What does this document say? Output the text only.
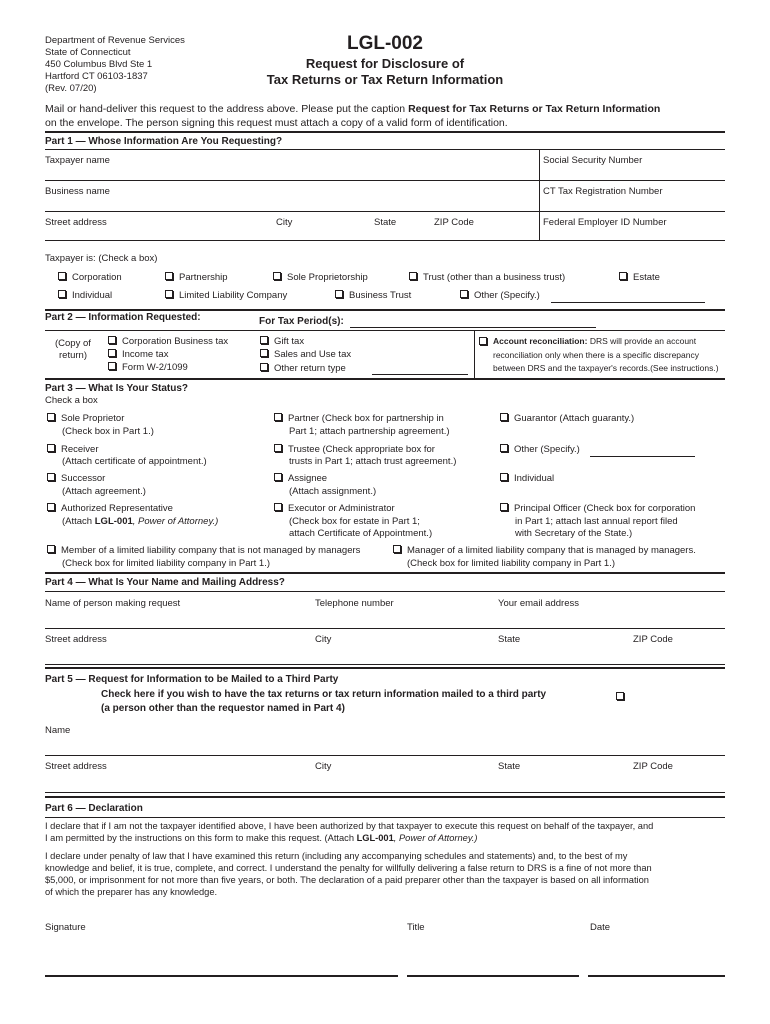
Department of Revenue Services
State of Connecticut
450 Columbus Blvd Ste 1
Hartford CT 06103-1837
(Rev. 07/20)
LGL-002
Request for Disclosure of
Tax Returns or Tax Return Information
Mail or hand-deliver this request to the address above. Please put the caption Request for Tax Returns or Tax Return Information
on the envelope. The person signing this request must attach a copy of a valid form of identification.
Part 1 — Whose Information Are You Requesting?
Taxpayer name	Social Security Number
Business name	CT Tax Registration Number
Street address	City	State	ZIP Code	Federal Employer ID Number
Taxpayer is: (Check a box)
Corporation	Partnership	Sole Proprietorship	Trust (other than a business trust)	Estate
Individual	Limited Liability Company	Business Trust	Other (Specify.)
Part 2 — Information Requested:	For Tax Period(s):
(Copy of
return)
Corporation Business tax
Income tax
Form W-2/1099
Gift tax
Sales and Use tax
Other return type
Account reconciliation: DRS will provide an account
reconciliation only when there is a specific discrepancy
between DRS and the taxpayer's records.(See instructions.)
Part 3 — What Is Your Status?
Check a box
Sole Proprietor
(Check box in Part 1.)
Partner (Check box for partnership in
Part 1; attach partnership agreement.)
Guarantor (Attach guaranty.)
Receiver
(Attach certificate of appointment.)
Trustee (Check appropriate box for
trusts in Part 1; attach trust agreement.)
Other (Specify.)
Successor
(Attach agreement.)
Assignee
(Attach assignment.)
Individual
Authorized Representative
(Attach LGL-001, Power of Attorney.)
Executor or Administrator
(Check box for estate in Part 1;
attach Certificate of Appointment.)
Principal Officer (Check box for corporation
in Part 1; attach last annual report filed
with Secretary of the State.)
Member of a limited liability company that is not managed by managers
(Check box for limited liability company in Part 1.)
Manager of a limited liability company that is managed by managers.
(Check box for limited liability company in Part 1.)
Part 4 — What Is Your Name and Mailing Address?
Name of person making request	Telephone number	Your email address
Street address	City	State	ZIP Code
Part 5 — Request for Information to be Mailed to a Third Party
Check here if you wish to have the tax returns or tax return information mailed to a third party
(a person other than the requestor named in Part 4)
Name
Street address	City	State	ZIP Code
Part 6 — Declaration
I declare that if I am not the taxpayer identified above, I have been authorized by that taxpayer to execute this request on behalf of the taxpayer, and
I am permitted by the instructions on this form to make this request. (Attach LGL-001, Power of Attorney.)
I declare under penalty of law that I have examined this return (including any accompanying schedules and statements) and, to the best of my
knowledge and belief, it is true, complete, and correct. I understand the penalty for willfully delivering a false return to DRS is a fine of not more than
$5,000, or imprisonment for not more than five years, or both. The declaration of a paid preparer other than the taxpayer is based on all information
of which the preparer has any knowledge.
Signature	Title	Date
